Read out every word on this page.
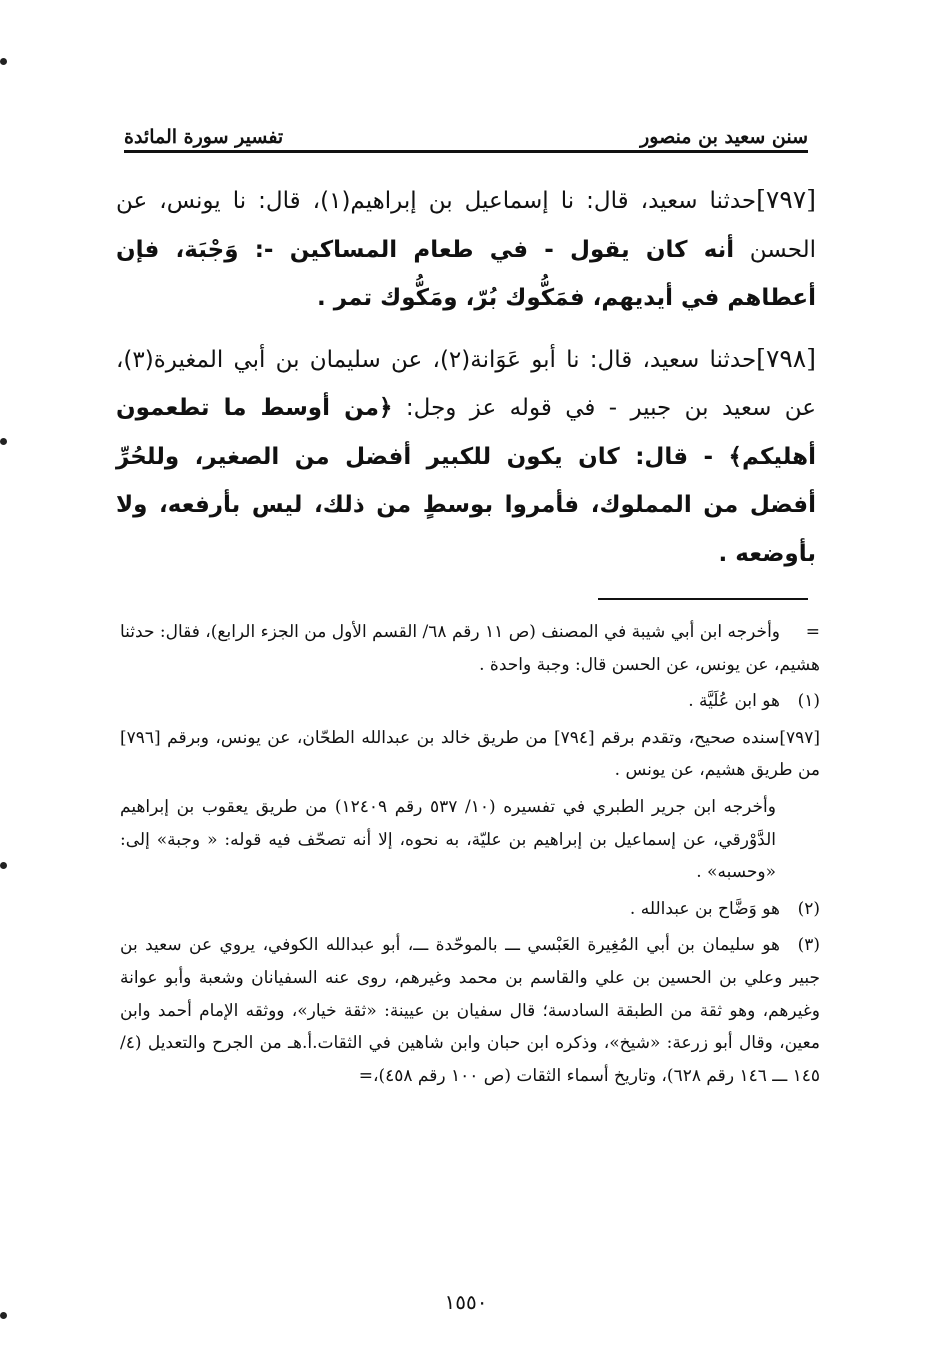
سنن سعيد بن منصور
تفسير سورة المائدة

[٧٩٧]حدثنا سعيد، قال: نا إسماعيل بن إبراهيم(١)، قال: نا يونس، عن الحسن أنه كان يقول - في طعام المساكين -: وَجْبَة، فإن أعطاهم في أيديهم، فمَكُّوك بُرّ، ومَكُّوك تمر .

[٧٩٨]حدثنا سعيد، قال: نا أبو عَوَانة(٢)، عن سليمان بن أبي المغيرة(٣)، عن سعيد بن جبير - في قوله عز وجل: ﴿من أوسط ما تطعمون أهليكم﴾ - قال: كان يكون للكبير أفضل من الصغير، وللحُرِّ أفضل من المملوك، فأمروا بوسطٍ من ذلك، ليس بأرفعه، ولا بأوضعه .

=وأخرجه ابن أبي شيبة في المصنف (ص ١١ رقم ٦٨/ القسم الأول من الجزء الرابع)، فقال: حدثنا هشيم، عن يونس، عن الحسن قال: وجبة واحدة .

(١)هو ابن عُلَيَّة .

[٧٩٧]سنده صحيح، وتقدم برقم [٧٩٤] من طريق خالد بن عبدالله الطحّان، عن يونس، وبرقم [٧٩٦] من طريق هشيم، عن يونس .

وأخرجه ابن جرير الطبري في تفسيره (١٠/ ٥٣٧ رقم ١٢٤٠٩) من طريق يعقوب بن إبراهيم الدَّوْرقي، عن إسماعيل بن إبراهيم بن عليّة، به نحوه، إلا أنه تصحّف فيه قوله: « وجبة» إلى: «وحسبه» .

(٢)هو وَضَّاح بن عبدالله .

(٣)هو سليمان بن أبي المُغِيرة العَبْسي ـــ بالموحّدة ـــ، أبو عبدالله الكوفي، يروي عن سعيد بن جبير وعلي بن الحسين بن علي والقاسم بن محمد وغيرهم، روى عنه السفيانان وشعبة وأبو عوانة وغيرهم، وهو ثقة من الطبقة السادسة؛ قال سفيان بن عيينة: «ثقة خيار»، ووثقه الإمام أحمد وابن معين، وقال أبو زرعة: «شيخ»، وذكره ابن حبان وابن شاهين في الثقات.أ.هـ من الجرح والتعديل (٤/ ١٤٥ ـــ ١٤٦ رقم ٦٢٨)، وتاريخ أسماء الثقات (ص ١٠٠ رقم ٤٥٨)،=

١٥٥٠
